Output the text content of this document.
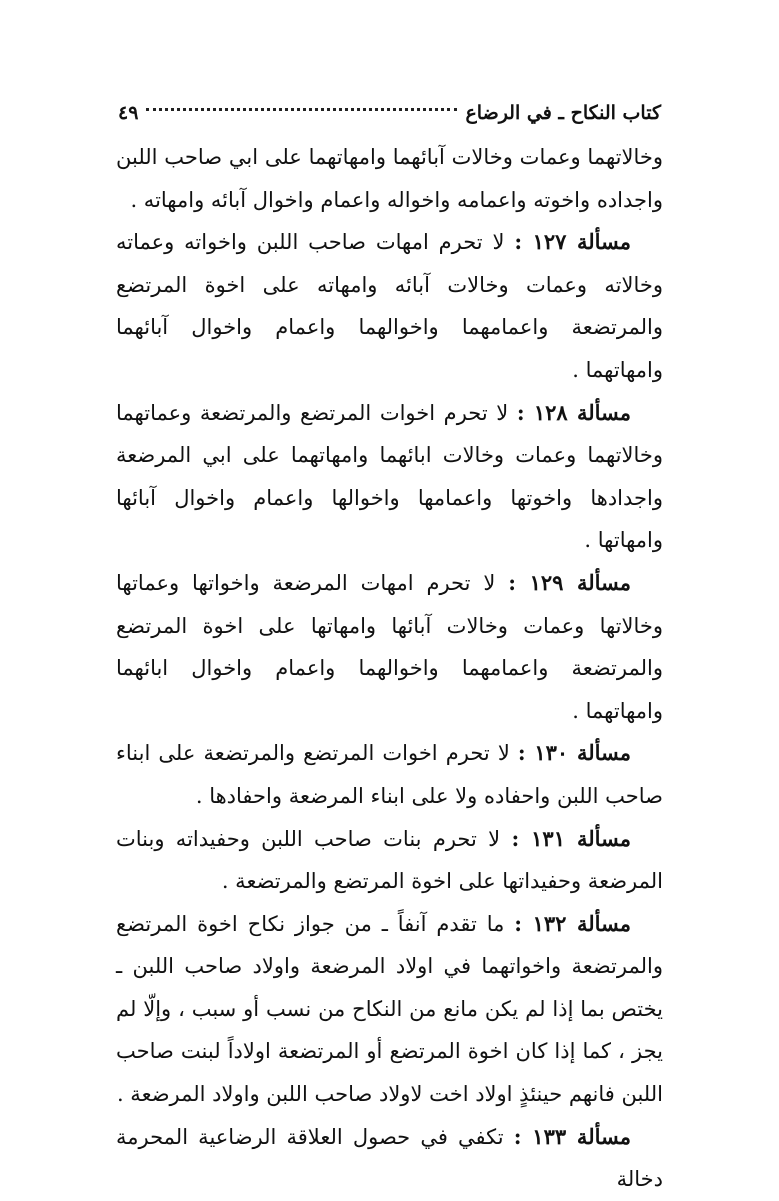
كتاب النكاح ـ في الرضاع
٤٩

وخالاتهما وعمات وخالات آبائهما وامهاتهما على ابي صاحب اللبن واجداده واخوته واعمامه واخواله واعمام واخوال آبائه وامهاته .

مسألة ١٢٧ : لا تحرم امهات صاحب اللبن واخواته وعماته وخالاته وعمات وخالات آبائه وامهاته على اخوة المرتضع والمرتضعة واعمامهما واخوالهما واعمام واخوال آبائهما وامهاتهما .

مسألة ١٢٨ : لا تحرم اخوات المرتضع والمرتضعة وعماتهما وخالاتهما وعمات وخالات ابائهما وامهاتهما على ابي المرضعة واجدادها واخوتها واعمامها واخوالها واعمام واخوال آبائها وامهاتها .

مسألة ١٢٩ : لا تحرم امهات المرضعة واخواتها وعماتها وخالاتها وعمات وخالات آبائها وامهاتها على اخوة المرتضع والمرتضعة واعمامهما واخوالهما واعمام واخوال ابائهما وامهاتهما .

مسألة ١٣٠ : لا تحرم اخوات المرتضع والمرتضعة على ابناء صاحب اللبن واحفاده ولا على ابناء المرضعة واحفادها .

مسألة ١٣١ : لا تحرم بنات صاحب اللبن وحفيداته وبنات المرضعة وحفيداتها على اخوة المرتضع والمرتضعة .

مسألة ١٣٢ : ما تقدم آنفاً ـ من جواز نكاح اخوة المرتضع والمرتضعة واخواتهما في اولاد المرضعة واولاد صاحب اللبن ـ يختص بما إذا لم يكن مانع من النكاح من نسب أو سبب ، وإلّا لم يجز ، كما إذا كان اخوة المرتضع أو المرتضعة اولاداً لبنت صاحب اللبن فانهم حينئذٍ اولاد اخت لاولاد صاحب اللبن واولاد المرضعة .

مسألة ١٣٣ : تكفي في حصول العلاقة الرضاعية المحرمة دخالة
